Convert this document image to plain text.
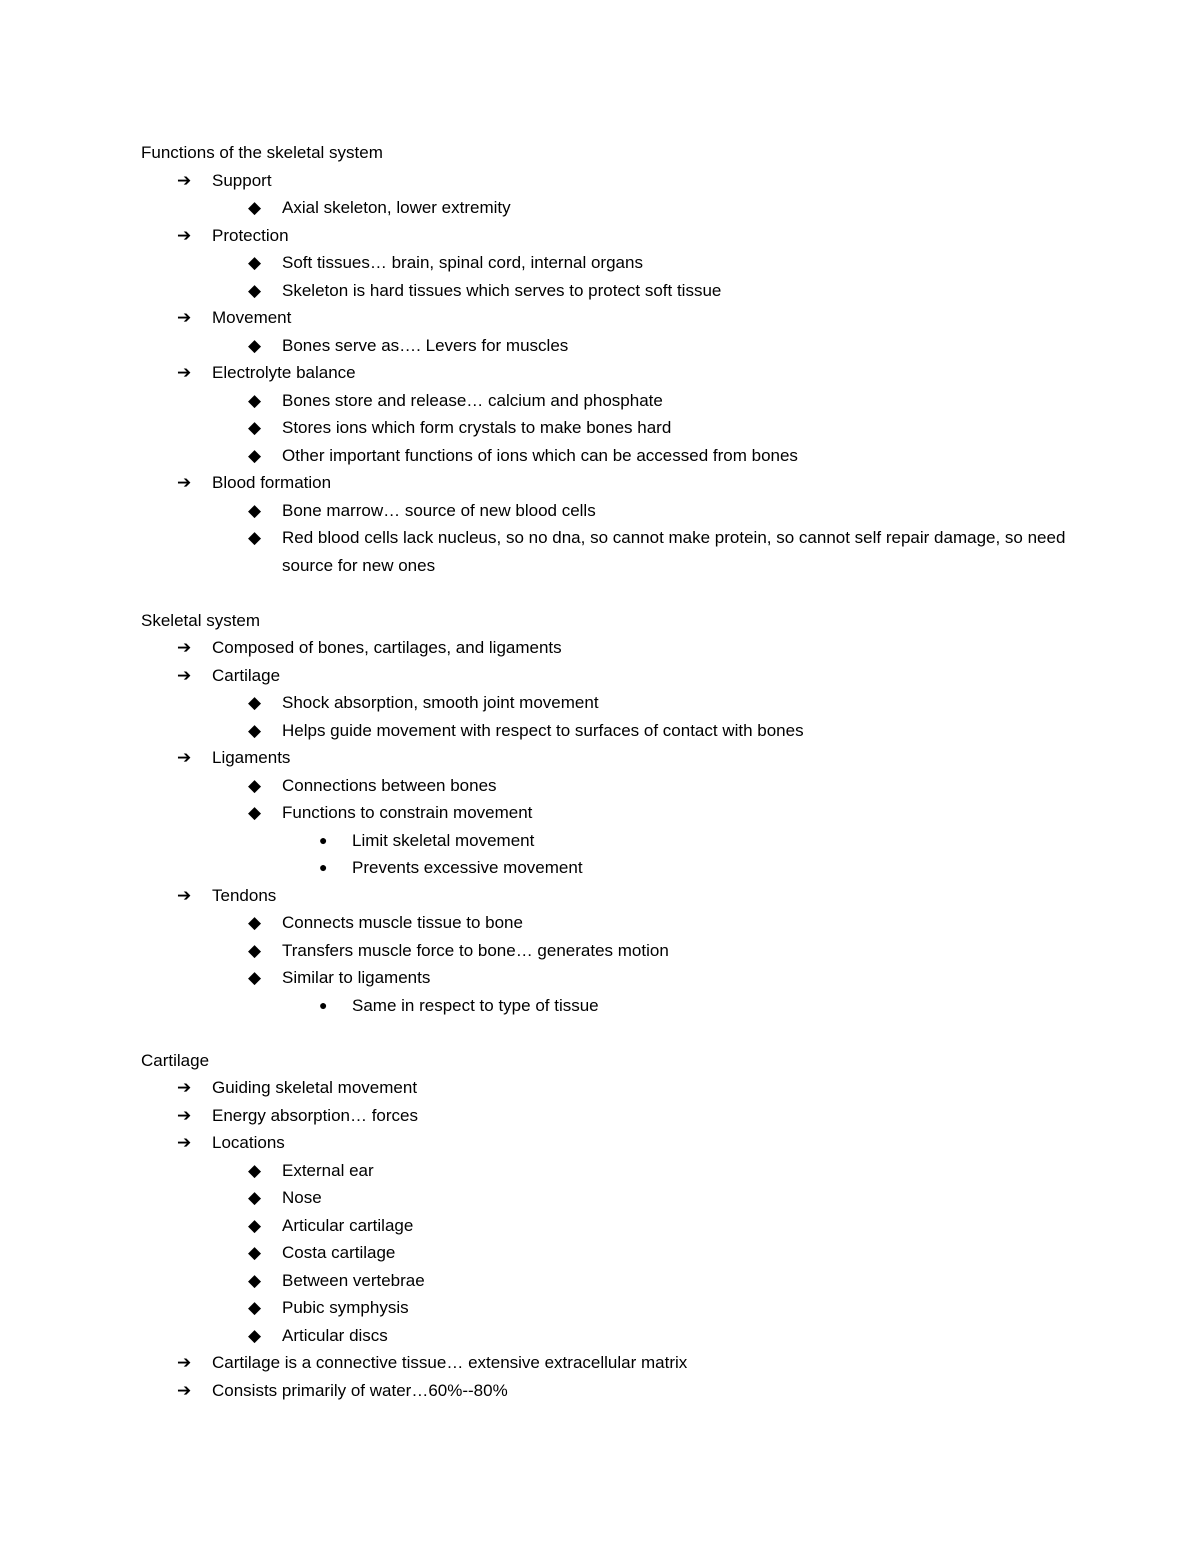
Functions of the skeletal system
➔ Support
◆ Axial skeleton, lower extremity
➔ Protection
◆ Soft tissues… brain, spinal cord, internal organs
◆ Skeleton is hard tissues which serves to protect soft tissue
➔ Movement
◆ Bones serve as…. Levers for muscles
➔ Electrolyte balance
◆ Bones store and release… calcium and phosphate
◆ Stores ions which form crystals to make bones hard
◆ Other important functions of ions which can be accessed from bones
➔ Blood formation
◆ Bone marrow… source of new blood cells
◆ Red blood cells lack nucleus, so no dna, so cannot make protein, so cannot self repair damage, so need source for new ones
Skeletal system
➔ Composed of bones, cartilages, and ligaments
➔ Cartilage
◆ Shock absorption, smooth joint movement
◆ Helps guide movement with respect to surfaces of contact with bones
➔ Ligaments
◆ Connections between bones
◆ Functions to constrain movement
● Limit skeletal movement
● Prevents excessive movement
➔ Tendons
◆ Connects muscle tissue to bone
◆ Transfers muscle force to bone… generates motion
◆ Similar to ligaments
● Same in respect to type of tissue
Cartilage
➔ Guiding skeletal movement
➔ Energy absorption… forces
➔ Locations
◆ External ear
◆ Nose
◆ Articular cartilage
◆ Costa cartilage
◆ Between vertebrae
◆ Pubic symphysis
◆ Articular discs
➔ Cartilage is a connective tissue… extensive extracellular matrix
➔ Consists primarily of water…60%--80%
